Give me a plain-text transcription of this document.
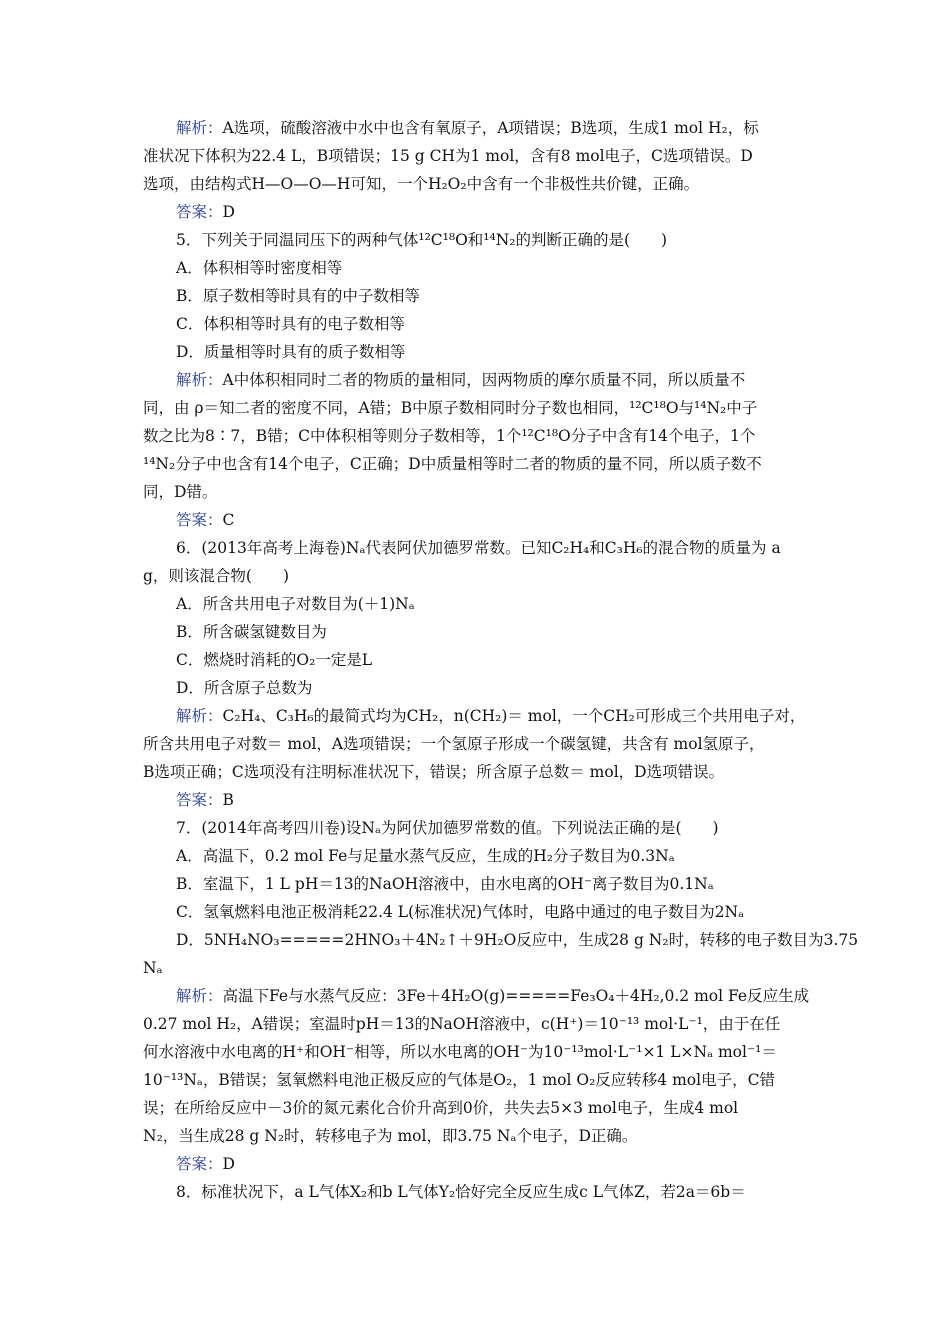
解析：A选项，硫酸溶液中水中也含有氧原子，A项错误；B选项，生成1 mol H₂，标
准状况下体积为22.4 L，B项错误；15 g CH为1 mol，含有8 mol电子，C选项错误。D
选项，由结构式H—O—O—H可知，一个H₂O₂中含有一个非极性共价键，正确。
答案：D
5．下列关于同温同压下的两种气体¹²C¹⁸O和¹⁴N₂的判断正确的是(　　)
A．体积相等时密度相等
B．原子数相等时具有的中子数相等
C．体积相等时具有的电子数相等
D．质量相等时具有的质子数相等
解析：A中体积相同时二者的物质的量相同，因两物质的摩尔质量不同，所以质量不
同，由 ρ＝知二者的密度不同，A错；B中原子数相同时分子数也相同，¹²C¹⁸O与¹⁴N₂中子
数之比为8∶7，B错；C中体积相等则分子数相等，1个¹²C¹⁸O分子中含有14个电子，1个
¹⁴N₂分子中也含有14个电子，C正确；D中质量相等时二者的物质的量不同，所以质子数不
同，D错。
答案：C
6．(2013年高考上海卷)Nₐ代表阿伏加德罗常数。已知C₂H₄和C₃H₆的混合物的质量为 a
g，则该混合物(　　)
A．所含共用电子对数目为(＋1)Nₐ
B．所含碳氢键数目为
C．燃烧时消耗的O₂一定是L
D．所含原子总数为
解析：C₂H₄、C₃H₆的最简式均为CH₂，n(CH₂)＝ mol，一个CH₂可形成三个共用电子对，
所含共用电子对数＝ mol，A选项错误；一个氢原子形成一个碳氢键，共含有 mol氢原子，
B选项正确；C选项没有注明标准状况下，错误；所含原子总数＝ mol，D选项错误。
答案：B
7．(2014年高考四川卷)设Nₐ为阿伏加德罗常数的值。下列说法正确的是(　　)
A．高温下，0.2 mol Fe与足量水蒸气反应，生成的H₂分子数目为0.3Nₐ
B．室温下，1 L pH＝13的NaOH溶液中，由水电离的OH⁻离子数目为0.1Nₐ
C．氢氧燃料电池正极消耗22.4 L(标准状况)气体时，电路中通过的电子数目为2Nₐ
D．5NH₄NO₃=====2HNO₃＋4N₂↑＋9H₂O反应中，生成28 g N₂时，转移的电子数目为3.75
Nₐ
解析：高温下Fe与水蒸气反应：3Fe＋4H₂O(g)=====Fe₃O₄＋4H₂,0.2 mol Fe反应生成
0.27 mol H₂，A错误；室温时pH＝13的NaOH溶液中，c(H⁺)＝10⁻¹³ mol·L⁻¹，由于在任
何水溶液中水电离的H⁺和OH⁻相等，所以水电离的OH⁻为10⁻¹³mol·L⁻¹×1 L×Nₐ mol⁻¹＝
10⁻¹³Nₐ，B错误；氢氧燃料电池正极反应的气体是O₂，1 mol O₂反应转移4 mol电子，C错
误；在所给反应中－3价的氮元素化合价升高到0价，共失去5×3 mol电子，生成4 mol
N₂，当生成28 g N₂时，转移电子为 mol，即3.75 Nₐ个电子，D正确。
答案：D
8．标准状况下，a L气体X₂和b L气体Y₂恰好完全反应生成c L气体Z，若2a＝6b＝
